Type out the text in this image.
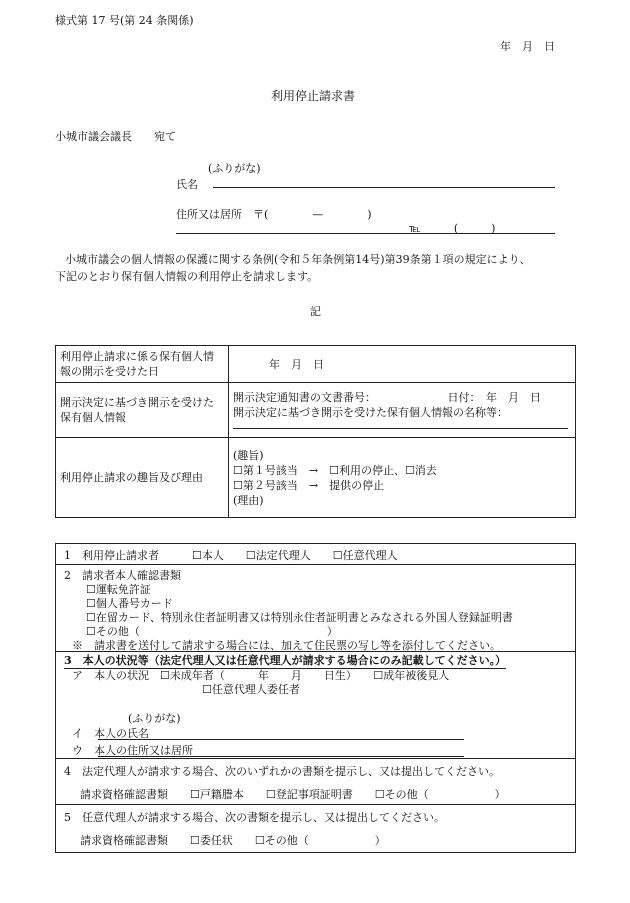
様式第 17 号(第 24 条関係)
年　月　日
利用停止請求書
小城市議会議長　　宛て
(ふりがな)
氏名
住所又は居所　〒(　　　　—　　　　)
℡　　　(　　　)
小城市議会の個人情報の保護に関する条例(令和５年条例第14号)第39条第１項の規定により、
下記のとおり保有個人情報の利用停止を請求します。
記
利用停止請求に係る保有個人情報の開示を受けた日	年　月　日
開示決定に基づき開示を受けた保有個人情報	開示決定通知書の文書番号：　　　　　　　日付：　年　月　日
開示決定に基づき開示を受けた保有個人情報の名称等：

利用停止請求の趣旨及び理由	(趣旨)
☐第１号該当　→　☐利用の停止、☐消去
☐第２号該当　→　提供の停止
(理由)
1　利用停止請求者　　　☐本人　　☐法定代理人　　☐任意代理人
2　請求者本人確認書類
☐運転免許証
☐個人番号カード
☐在留カード、特別永住者証明書又は特別永住者証明書とみなされる外国人登録証明書
☐その他（　　　　　　　　　　　　　　　　　）
※　請求書を送付して請求する場合には、加えて住民票の写し等を添付してください。
3　本人の状況等（法定代理人又は任意代理人が請求する場合にのみ記載してください。）
ア　本人の状況　☐未成年者（　　　年　　月　　日生）　　☐成年被後見人
☐任意代理人委任者
(ふりがな)
イ　本人の氏名
ウ　本人の住所又は居所
4　法定代理人が請求する場合、次のいずれかの書類を提示し、又は提出してください。
請求資格確認書類　　☐戸籍謄本　　☐登記事項証明書　　☐その他（　　　　　　）
5　任意代理人が請求する場合、次の書類を提示し、又は提出してください。
請求資格確認書類　　☐委任状　　☐その他（　　　　　　）
